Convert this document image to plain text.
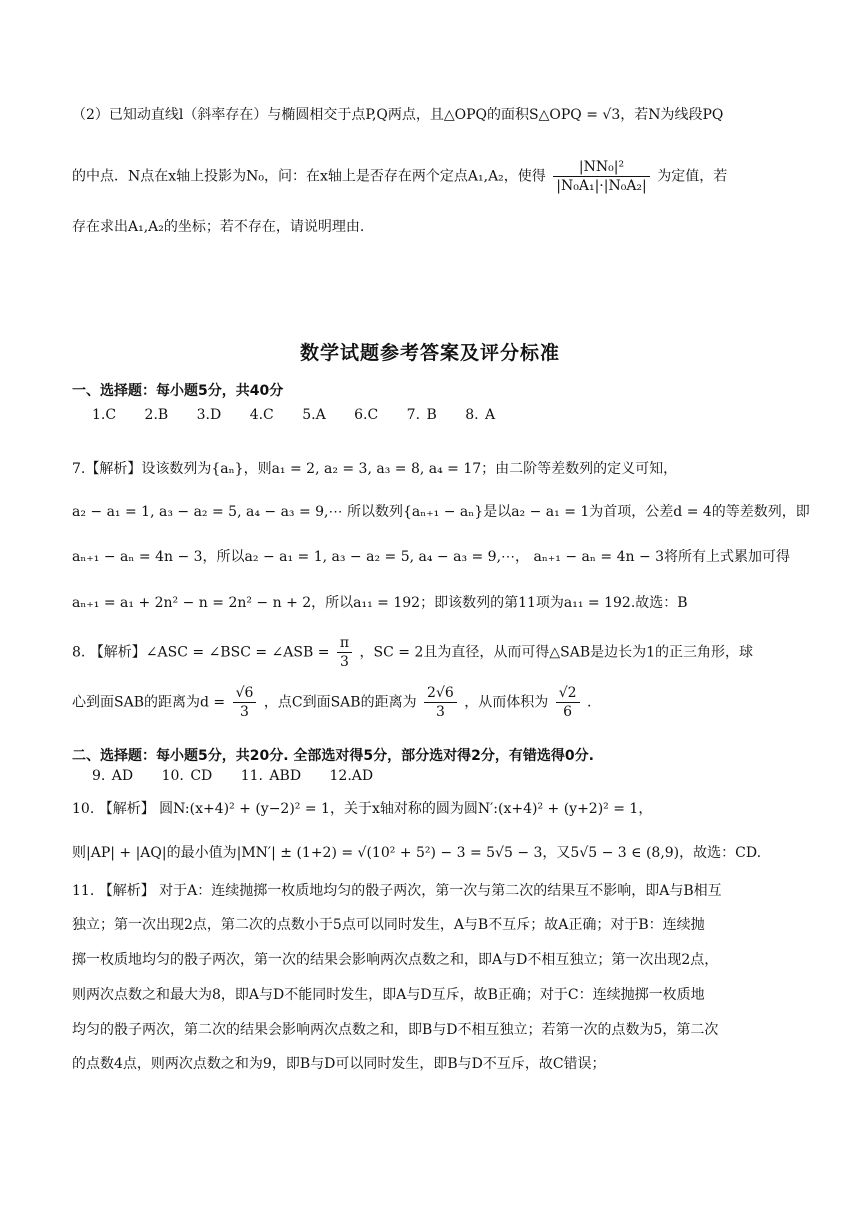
（2）已知动直线l（斜率存在）与椭圆相交于点P,Q两点，且△OPQ的面积S△OPQ = √3，若N为线段PQ
的中点．N点在x轴上投影为N₀，问：在x轴上是否存在两个定点A₁,A₂，使得 $\frac{\text{|NN₀|²}}{\text{|N₀A₁|·|N₀A₂|}}$ 为定值，若
存在求出A₁,A₂的坐标；若不存在，请说明理由.
数学试题参考答案及评分标准
一、选择题：每小题5分，共40分
1.C 2.B 3.D 4.C 5.A 6.C 7. B 8. A
7.【解析】设该数列为{aₙ}，则a₁ = 2, a₂ = 3, a₃ = 8, a₄ = 17；由二阶等差数列的定义可知，
a₂ − a₁ = 1, a₃ − a₂ = 5, a₄ − a₃ = 9,⋯ 所以数列{aₙ₊₁ − aₙ}是以a₂ − a₁ = 1为首项，公差d = 4的等差数列，即
aₙ₊₁ − aₙ = 4n − 3，所以a₂ − a₁ = 1, a₃ − a₂ = 5, a₄ − a₃ = 9,⋯， aₙ₊₁ − aₙ = 4n − 3将所有上式累加可得
aₙ₊₁ = a₁ + 2n² − n = 2n² − n + 2，所以a₁₁ = 192；即该数列的第11项为a₁₁ = 192.故选：B
8. 【解析】∠ASC = ∠BSC = ∠ASB = $\frac{\pi}{3}$ ，SC = 2且为直径，从而可得△SAB是边长为1的正三角形，球
心到面SAB的距离为$d = \frac{√6}{3}$ ，点C到面SAB的距离为 $\frac{2√6}{3}$ ，从而体积为 $\frac{√2}{6}$ .
二、选择题：每小题5分，共20分. 全部选对得5分，部分选对得2分，有错选得0分.
9. AD 10. CD 11. ABD 12.AD
10. 【解析】 圆N:(x+4)² + (y−2)² = 1，关于x轴对称的圆为圆N′:(x+4)² + (y+2)² = 1，
则|AP| + |AQ|的最小值为|MN′| ± (1+2) = √(10² + 5²) − 3 = 5√5 − 3，又5√5 − 3 ∈ (8,9)，故选：CD.
11. 【解析】 对于A：连续抛掷一枚质地均匀的骰子两次，第一次与第二次的结果互不影响，即A与B相互
独立；第一次出现2点，第二次的点数小于5点可以同时发生，A与B不互斥；故A正确；对于B：连续抛
掷一枚质地均匀的骰子两次，第一次的结果会影响两次点数之和，即A与D不相互独立；第一次出现2点，
则两次点数之和最大为8，即A与D不能同时发生，即A与D互斥，故B正确；对于C：连续抛掷一枚质地
均匀的骰子两次，第二次的结果会影响两次点数之和，即B与D不相互独立；若第一次的点数为5，第二次
的点数4点，则两次点数之和为9，即B与D可以同时发生，即B与D不互斥，故C错误；
